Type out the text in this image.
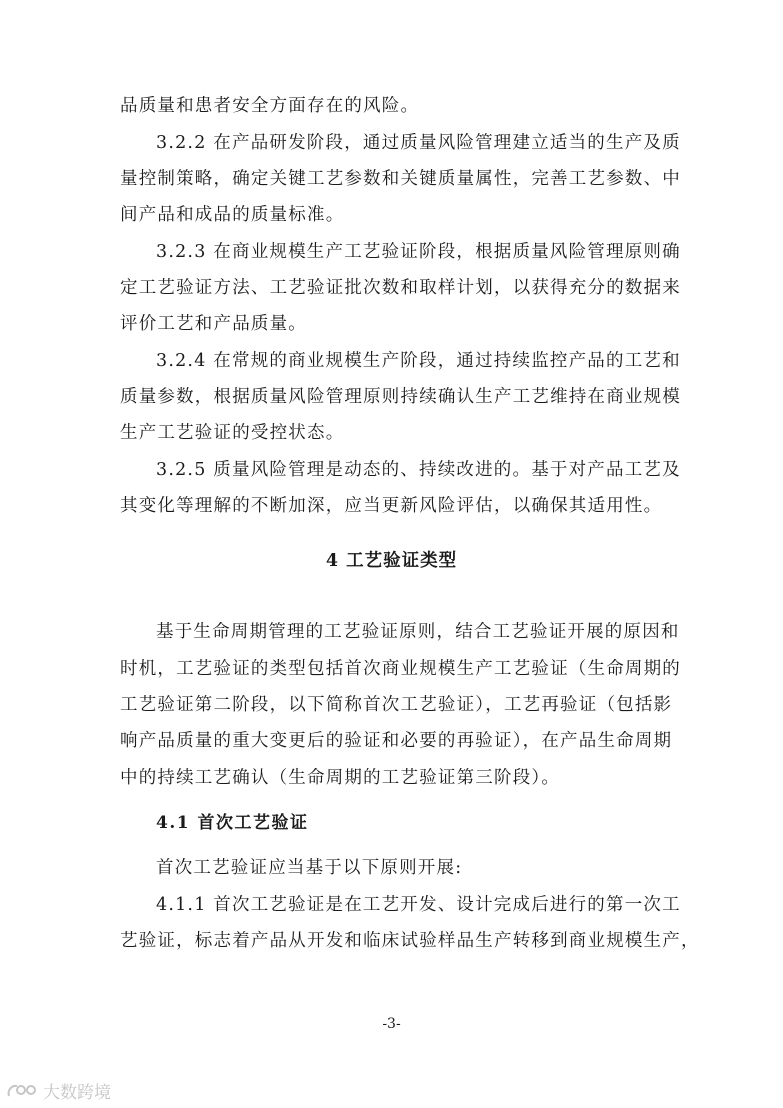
品质量和患者安全方面存在的风险。
3.2.2 在产品研发阶段，通过质量风险管理建立适当的生产及质
量控制策略，确定关键工艺参数和关键质量属性，完善工艺参数、中
间产品和成品的质量标准。
3.2.3 在商业规模生产工艺验证阶段，根据质量风险管理原则确
定工艺验证方法、工艺验证批次数和取样计划，以获得充分的数据来
评价工艺和产品质量。
3.2.4 在常规的商业规模生产阶段，通过持续监控产品的工艺和
质量参数，根据质量风险管理原则持续确认生产工艺维持在商业规模
生产工艺验证的受控状态。
3.2.5 质量风险管理是动态的、持续改进的。基于对产品工艺及
其变化等理解的不断加深，应当更新风险评估，以确保其适用性。
4 工艺验证类型
基于生命周期管理的工艺验证原则，结合工艺验证开展的原因和
时机，工艺验证的类型包括首次商业规模生产工艺验证（生命周期的
工艺验证第二阶段，以下简称首次工艺验证），工艺再验证（包括影
响产品质量的重大变更后的验证和必要的再验证），在产品生命周期
中的持续工艺确认（生命周期的工艺验证第三阶段）。
4.1 首次工艺验证
首次工艺验证应当基于以下原则开展:
4.1.1 首次工艺验证是在工艺开发、设计完成后进行的第一次工
艺验证，标志着产品从开发和临床试验样品生产转移到商业规模生产，
-3-
大数跨境
